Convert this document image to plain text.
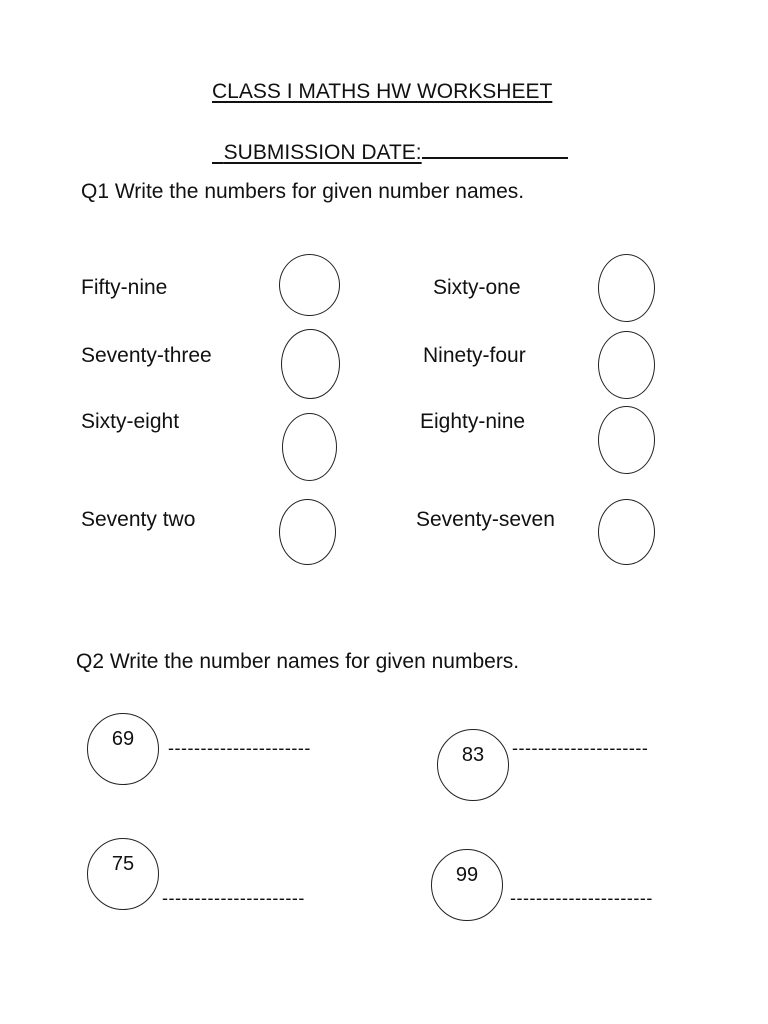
CLASS I MATHS HW WORKSHEET

SUBMISSION DATE:

Q1 Write the numbers for given number names.
Fifty-nine
Seventy-three
Sixty-eight
Seventy two
Sixty-one
Ninety-four
Eighty-nine
Seventy-seven
Q2 Write the number names for given numbers.
69 ----------------------	83 ---------------------
75
----------------------
99
----------------------
